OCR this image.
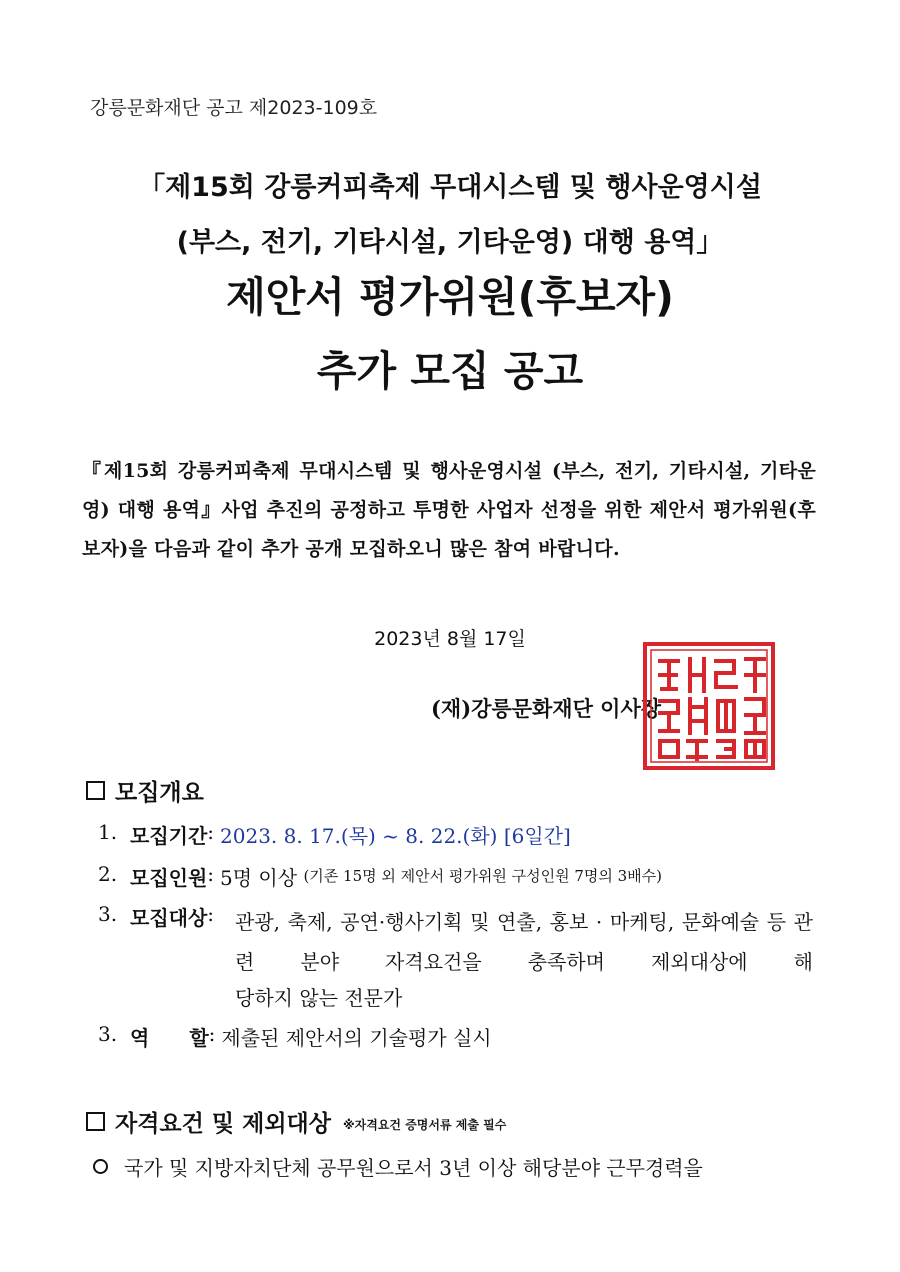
강릉문화재단 공고 제2023-109호
「제15회 강릉커피축제 무대시스템 및 행사운영시설
(부스, 전기, 기타시설, 기타운영) 대행 용역」
제안서 평가위원(후보자)
추가 모집 공고
『제15회 강릉커피축제 무대시스템 및 행사운영시설 (부스, 전기, 기타시설, 기타운영) 대행 용역』사업 추진의 공정하고 투명한 사업자 선정을 위한 제안서 평가위원(후보자)을 다음과 같이 추가 공개 모집하오니 많은 참여 바랍니다.
2023년 8월 17일
(재)강릉문화재단 이사장
모집개요
1. 모집기간 : 2023. 8. 17.(목) ~ 8. 22.(화) [6일간]
2. 모집인원 : 5명 이상
(기존 15명 외 제안서 평가위원 구성인원 7명의 3배수)
3. 모집대상 : 관광, 축제, 공연·행사기획 및 연출, 홍보 · 마케팅, 문화예술 등 관련 분야 자격요건을 충족하며 제외대상에 해
당하지 않는 전문가
3. 역　　할 : 제출된 제안서의 기술평가 실시
자격요건 및 제외대상 ※자격요건 증명서류 제출 필수
국가 및 지방자치단체 공무원으로서 3년 이상 해당분야 근무경력을
